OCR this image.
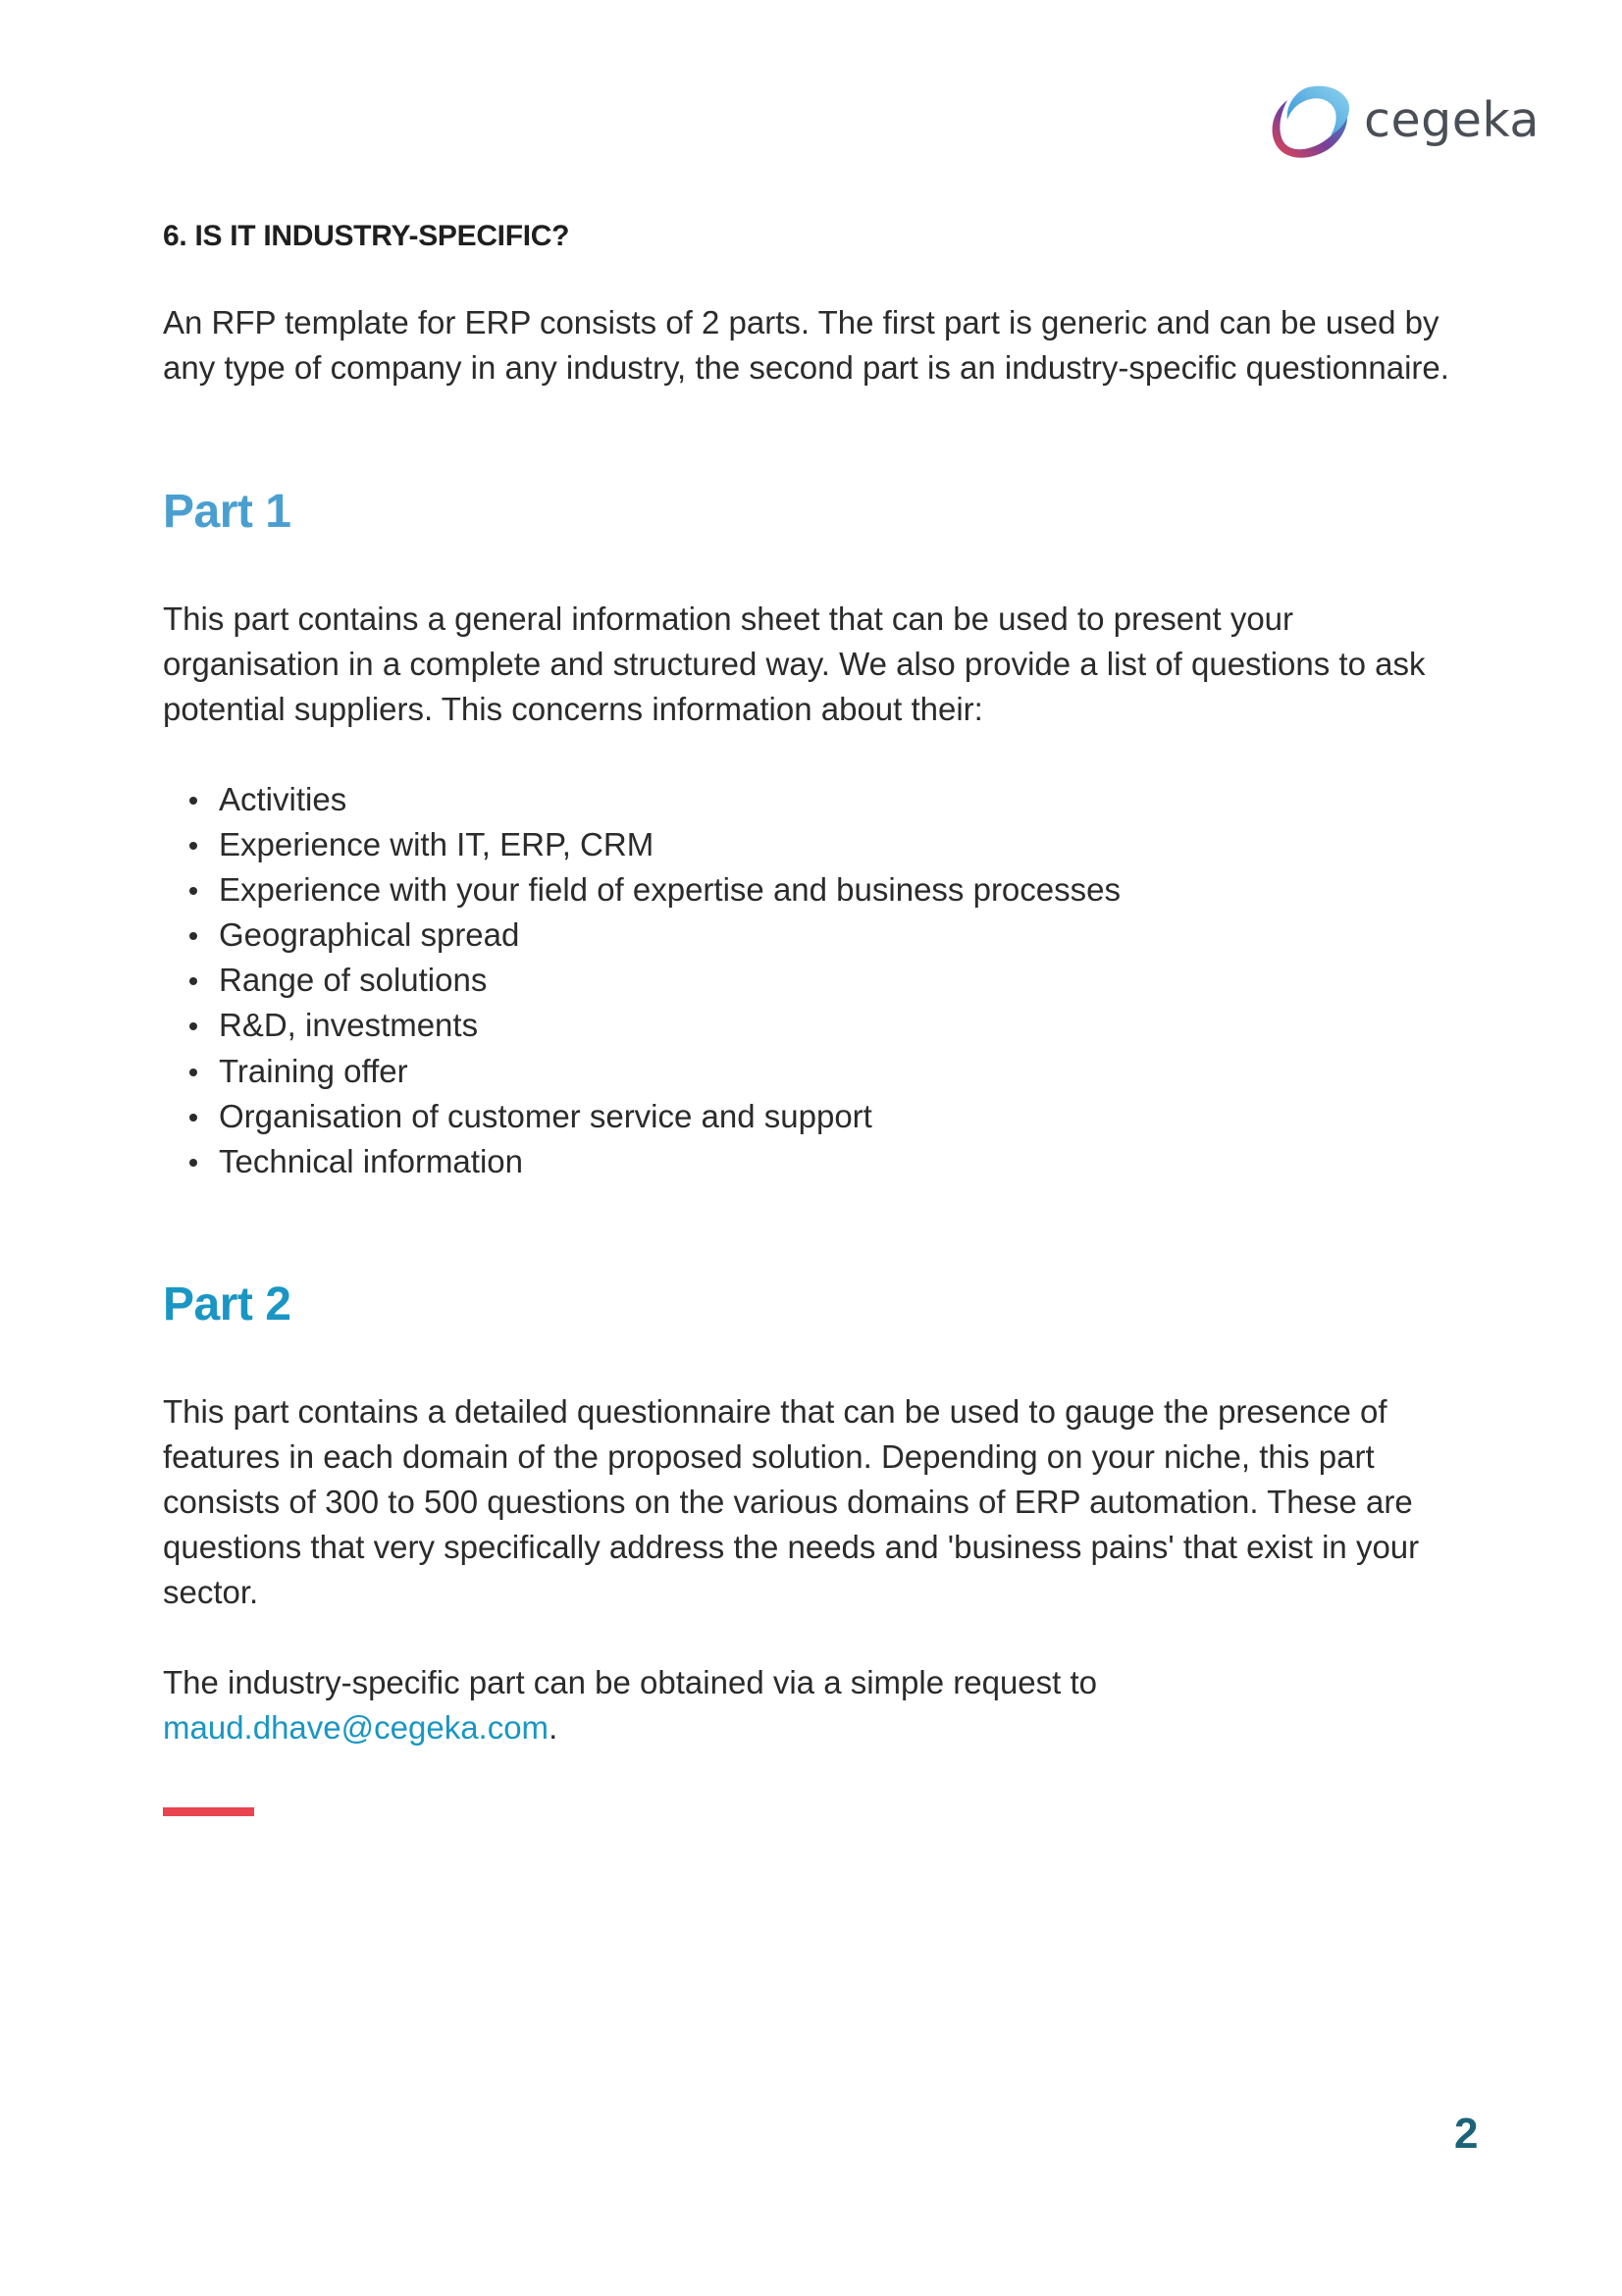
cegeka
6. IS IT INDUSTRY-SPECIFIC?

An RFP template for ERP consists of 2 parts. The first part is generic and can be used by any type of company in any industry, the second part is an industry-specific questionnaire.

Part 1

This part contains a general information sheet that can be used to present your organisation in a complete and structured way. We also provide a list of questions to ask potential suppliers. This concerns information about their:

Activities
Experience with IT, ERP, CRM
Experience with your field of expertise and business processes
Geographical spread
Range of solutions
R&D, investments
Training offer
Organisation of customer service and support
Technical information
Part 2

This part contains a detailed questionnaire that can be used to gauge the presence of features in each domain of the proposed solution. Depending on your niche, this part consists of 300 to 500 questions on the various domains of ERP automation. These are questions that very specifically address the needs and 'business pains' that exist in your sector.

The industry-specific part can be obtained via a simple request to
maud.dhave@cegeka.com.

2
